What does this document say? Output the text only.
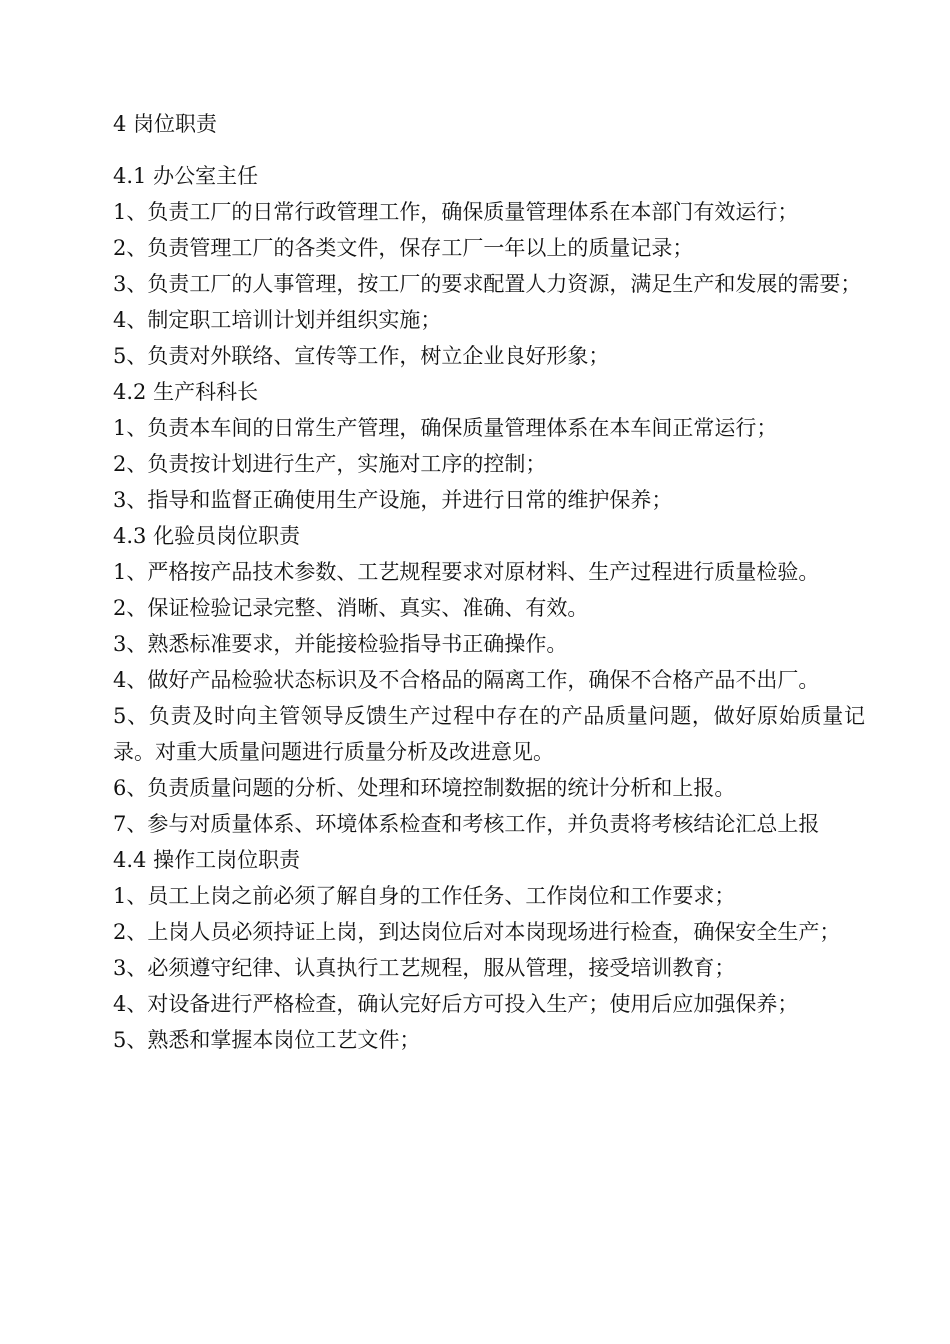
4 岗位职责
4.1 办公室主任
1、负责工厂的日常行政管理工作，确保质量管理体系在本部门有效运行；
2、负责管理工厂的各类文件，保存工厂一年以上的质量记录；
3、负责工厂的人事管理，按工厂的要求配置人力资源，满足生产和发展的需要；
4、制定职工培训计划并组织实施；
5、负责对外联络、宣传等工作，树立企业良好形象；
4.2 生产科科长
1、负责本车间的日常生产管理，确保质量管理体系在本车间正常运行；
2、负责按计划进行生产，实施对工序的控制；
3、指导和监督正确使用生产设施，并进行日常的维护保养；
4.3 化验员岗位职责
1、严格按产品技术参数、工艺规程要求对原材料、生产过程进行质量检验。
2、保证检验记录完整、消晰、真实、准确、有效。
3、熟悉标准要求，并能接检验指导书正确操作。
4、做好产品检验状态标识及不合格品的隔离工作，确保不合格产品不出厂。
5、负责及时向主管领导反馈生产过程中存在的产品质量问题，做好原始质量记录。对重大质量问题进行质量分析及改进意见。
6、负责质量问题的分析、处理和环境控制数据的统计分析和上报。
7、参与对质量体系、环境体系检查和考核工作，并负责将考核结论汇总上报
4.4 操作工岗位职责
1、员工上岗之前必须了解自身的工作任务、工作岗位和工作要求；
2、上岗人员必须持证上岗，到达岗位后对本岗现场进行检查，确保安全生产；
3、必须遵守纪律、认真执行工艺规程，服从管理，接受培训教育；
4、对设备进行严格检查，确认完好后方可投入生产；使用后应加强保养；
5、熟悉和掌握本岗位工艺文件；
